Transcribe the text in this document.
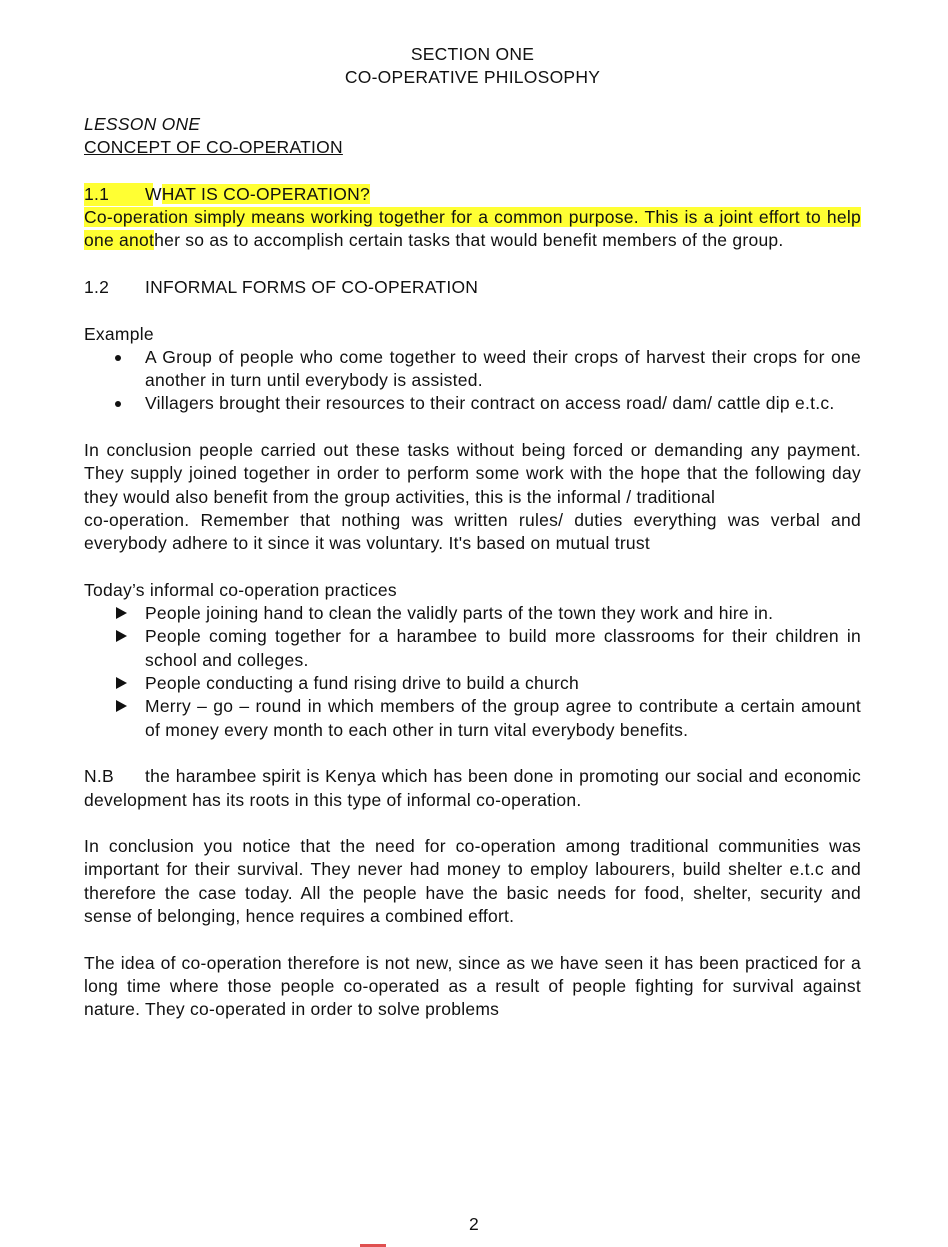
SECTION ONE

CO-OPERATIVE PHILOSOPHY

LESSON ONE

CONCEPT OF CO-OPERATION

1.1	WHAT IS CO-OPERATION?

Co-operation simply means working together for a common purpose. This is a joint effort to help one another so as to accomplish certain tasks that would benefit members of the group.

1.2 INFORMAL FORMS OF CO-OPERATION

Example

A Group of people who come together to weed their crops of harvest their crops for one another in turn until everybody is assisted.
Villagers brought their resources to their contract on access road/ dam/ cattle dip e.t.c.

In conclusion people carried out these tasks without being forced or demanding any payment. They supply joined together in order to perform some work with the hope that the following day they would also benefit from the group activities, this is the informal / traditional

co-operation. Remember that nothing was written rules/ duties everything was verbal and everybody adhere to it since it was voluntary. It's based on mutual trust

Today’s informal co-operation practices

People joining hand to clean the validly parts of the town they work and hire in.
People coming together for a harambee to build more classrooms for their children in school and colleges.
People conducting a fund rising drive to build a church
Merry – go – round in which members of the group agree to contribute a certain amount of money every month to each other in turn vital everybody benefits.

N.B the harambee spirit is Kenya which has been done in promoting our social and economic development has its roots in this type of informal co-operation.

In conclusion you notice that the need for co-operation among traditional communities was important for their survival. They never had money to employ labourers, build shelter e.t.c and therefore the case today. All the people have the basic needs for food, shelter, security and sense of belonging, hence requires a combined effort.

The idea of co-operation therefore is not new, since as we have seen it has been practiced for a long time where those people co-operated as a result of people fighting for survival against nature. They co-operated in order to solve problems

2
